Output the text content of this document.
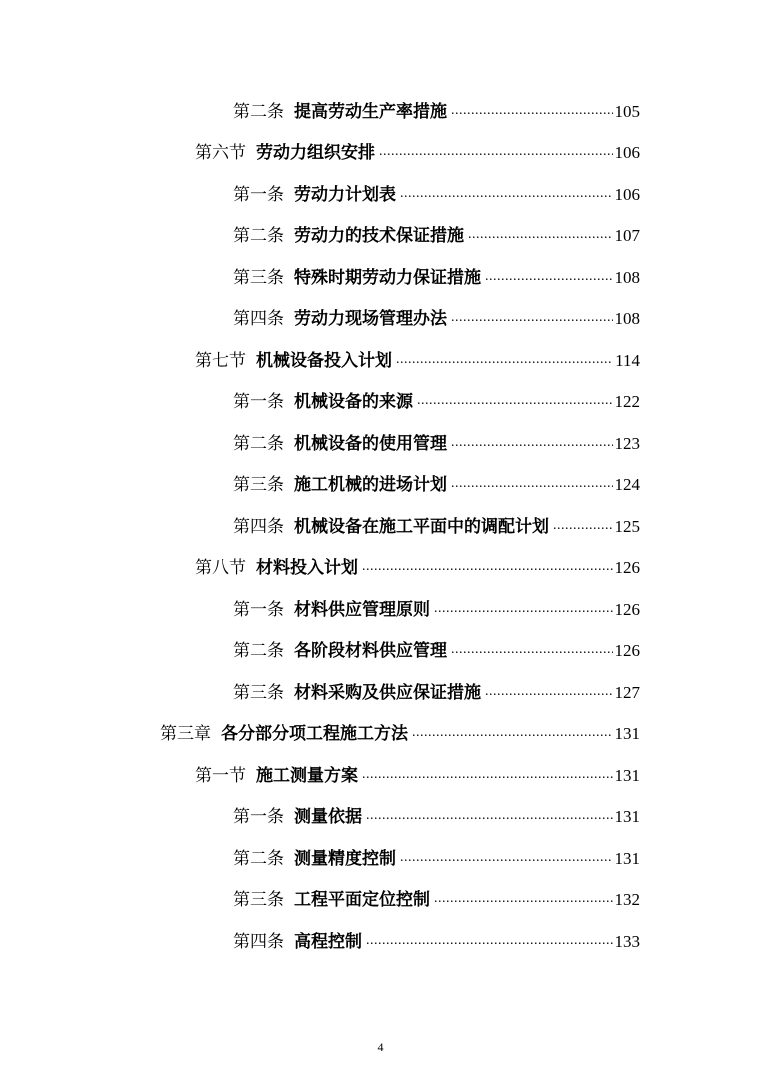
第二条 提高劳动生产率措施 .....	105
第六节 劳动力组织安排 .....	106
第一条 劳动力计划表 .....	106
第二条 劳动力的技术保证措施 .....	107
第三条 特殊时期劳动力保证措施 .....	108
第四条 劳动力现场管理办法 .....	108
第七节 机械设备投入计划 .....	114
第一条 机械设备的来源 .....	122
第二条 机械设备的使用管理 .....	123
第三条 施工机械的进场计划 .....	124
第四条 机械设备在施工平面中的调配计划 .....	125
第八节 材料投入计划 .....	126
第一条 材料供应管理原则 .....	126
第二条 各阶段材料供应管理 .....	126
第三条 材料采购及供应保证措施 .....	127
第三章 各分部分项工程施工方法 .....	131
第一节 施工测量方案 .....	131
第一条 测量依据 .....	131
第二条 测量精度控制 .....	131
第三条 工程平面定位控制 .....	132
第四条 高程控制 .....	133
4
